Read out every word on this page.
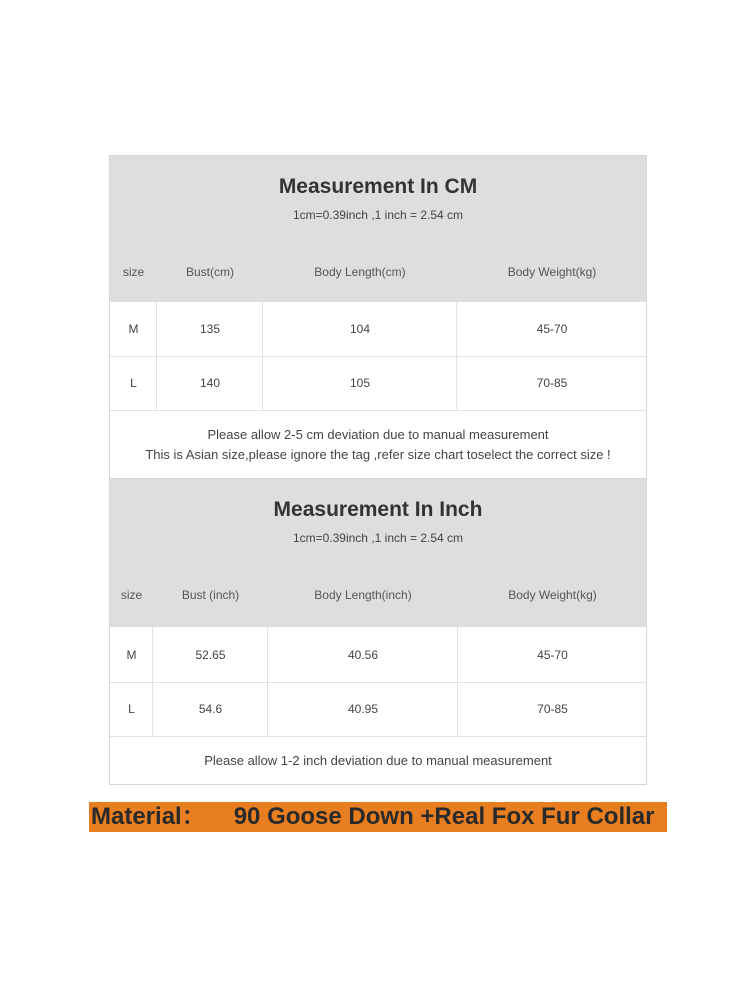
Measurement In CM
1cm=0.39inch ,1 inch = 2.54 cm
size	Bust(cm)	Body Length(cm)	Body Weight(kg)
M	135	104	45-70
L	140	105	70-85
Please allow 2-5 cm deviation due to manual measurement
This is Asian size,please ignore the tag ,refer size chart toselect the correct size !
Measurement In Inch
1cm=0.39inch ,1 inch = 2.54 cm
size	Bust (inch)	Body Length(inch)	Body Weight(kg)
M	52.65	40.56	45-70
L	54.6	40.95	70-85
Please allow 1-2 inch deviation due to manual measurement
Material： 90 Goose Down +Real Fox Fur Collar
